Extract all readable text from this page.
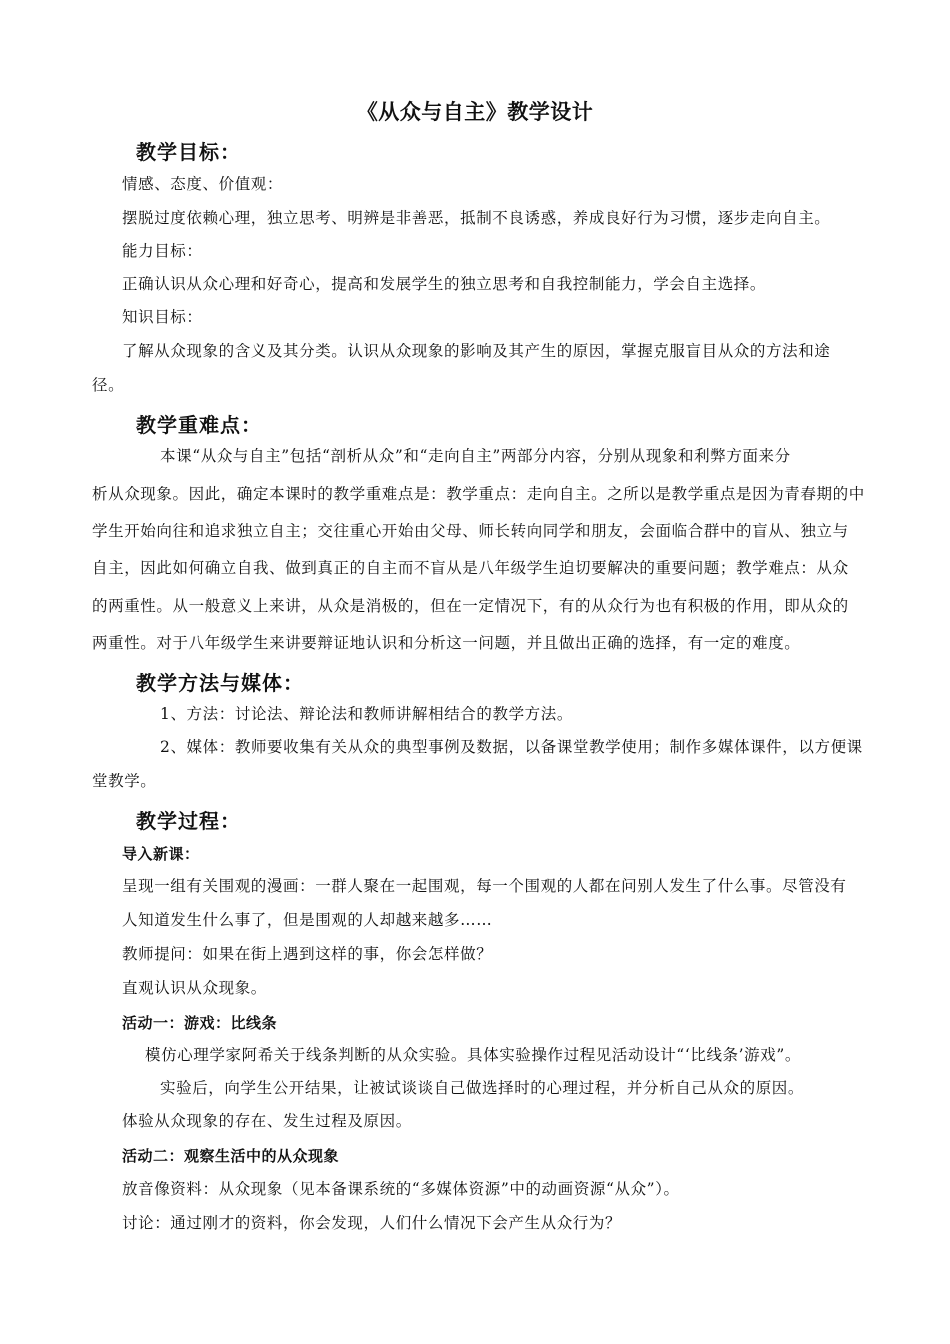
《从众与自主》教学设计
教学目标：
情感、态度、价值观：
摆脱过度依赖心理，独立思考、明辨是非善恶，抵制不良诱惑，养成良好行为习惯，逐步走向自主。
能力目标：
正确认识从众心理和好奇心，提高和发展学生的独立思考和自我控制能力，学会自主选择。
知识目标：
了解从众现象的含义及其分类。认识从众现象的影响及其产生的原因，掌握克服盲目从众的方法和途
径。
教学重难点：
本课“从众与自主”包括“剖析从众”和“走向自主”两部分内容，分别从现象和利弊方面来分
析从众现象。因此，确定本课时的教学重难点是：教学重点：走向自主。之所以是教学重点是因为青春期的中
学生开始向往和追求独立自主；交往重心开始由父母、师长转向同学和朋友，会面临合群中的盲从、独立与
自主，因此如何确立自我、做到真正的自主而不盲从是八年级学生迫切要解决的重要问题；教学难点：从众
的两重性。从一般意义上来讲，从众是消极的，但在一定情况下，有的从众行为也有积极的作用，即从众的
两重性。对于八年级学生来讲要辩证地认识和分析这一问题，并且做出正确的选择，有一定的难度。
教学方法与媒体：
1、方法：讨论法、辩论法和教师讲解相结合的教学方法。
2、媒体：教师要收集有关从众的典型事例及数据，以备课堂教学使用；制作多媒体课件，以方便课
堂教学。
教学过程：
导入新课：
呈现一组有关围观的漫画：一群人聚在一起围观，每一个围观的人都在问别人发生了什么事。尽管没有
人知道发生什么事了，但是围观的人却越来越多……
教师提问：如果在街上遇到这样的事，你会怎样做？
直观认识从众现象。
活动一：游戏：比线条
模仿心理学家阿希关于线条判断的从众实验。具体实验操作过程见活动设计“‘比线条’游戏”。
实验后，向学生公开结果，让被试谈谈自己做选择时的心理过程，并分析自己从众的原因。
体验从众现象的存在、发生过程及原因。
活动二：观察生活中的从众现象
放音像资料：从众现象（见本备课系统的“多媒体资源”中的动画资源“从众”）。
讨论：通过刚才的资料，你会发现，人们什么情况下会产生从众行为？
